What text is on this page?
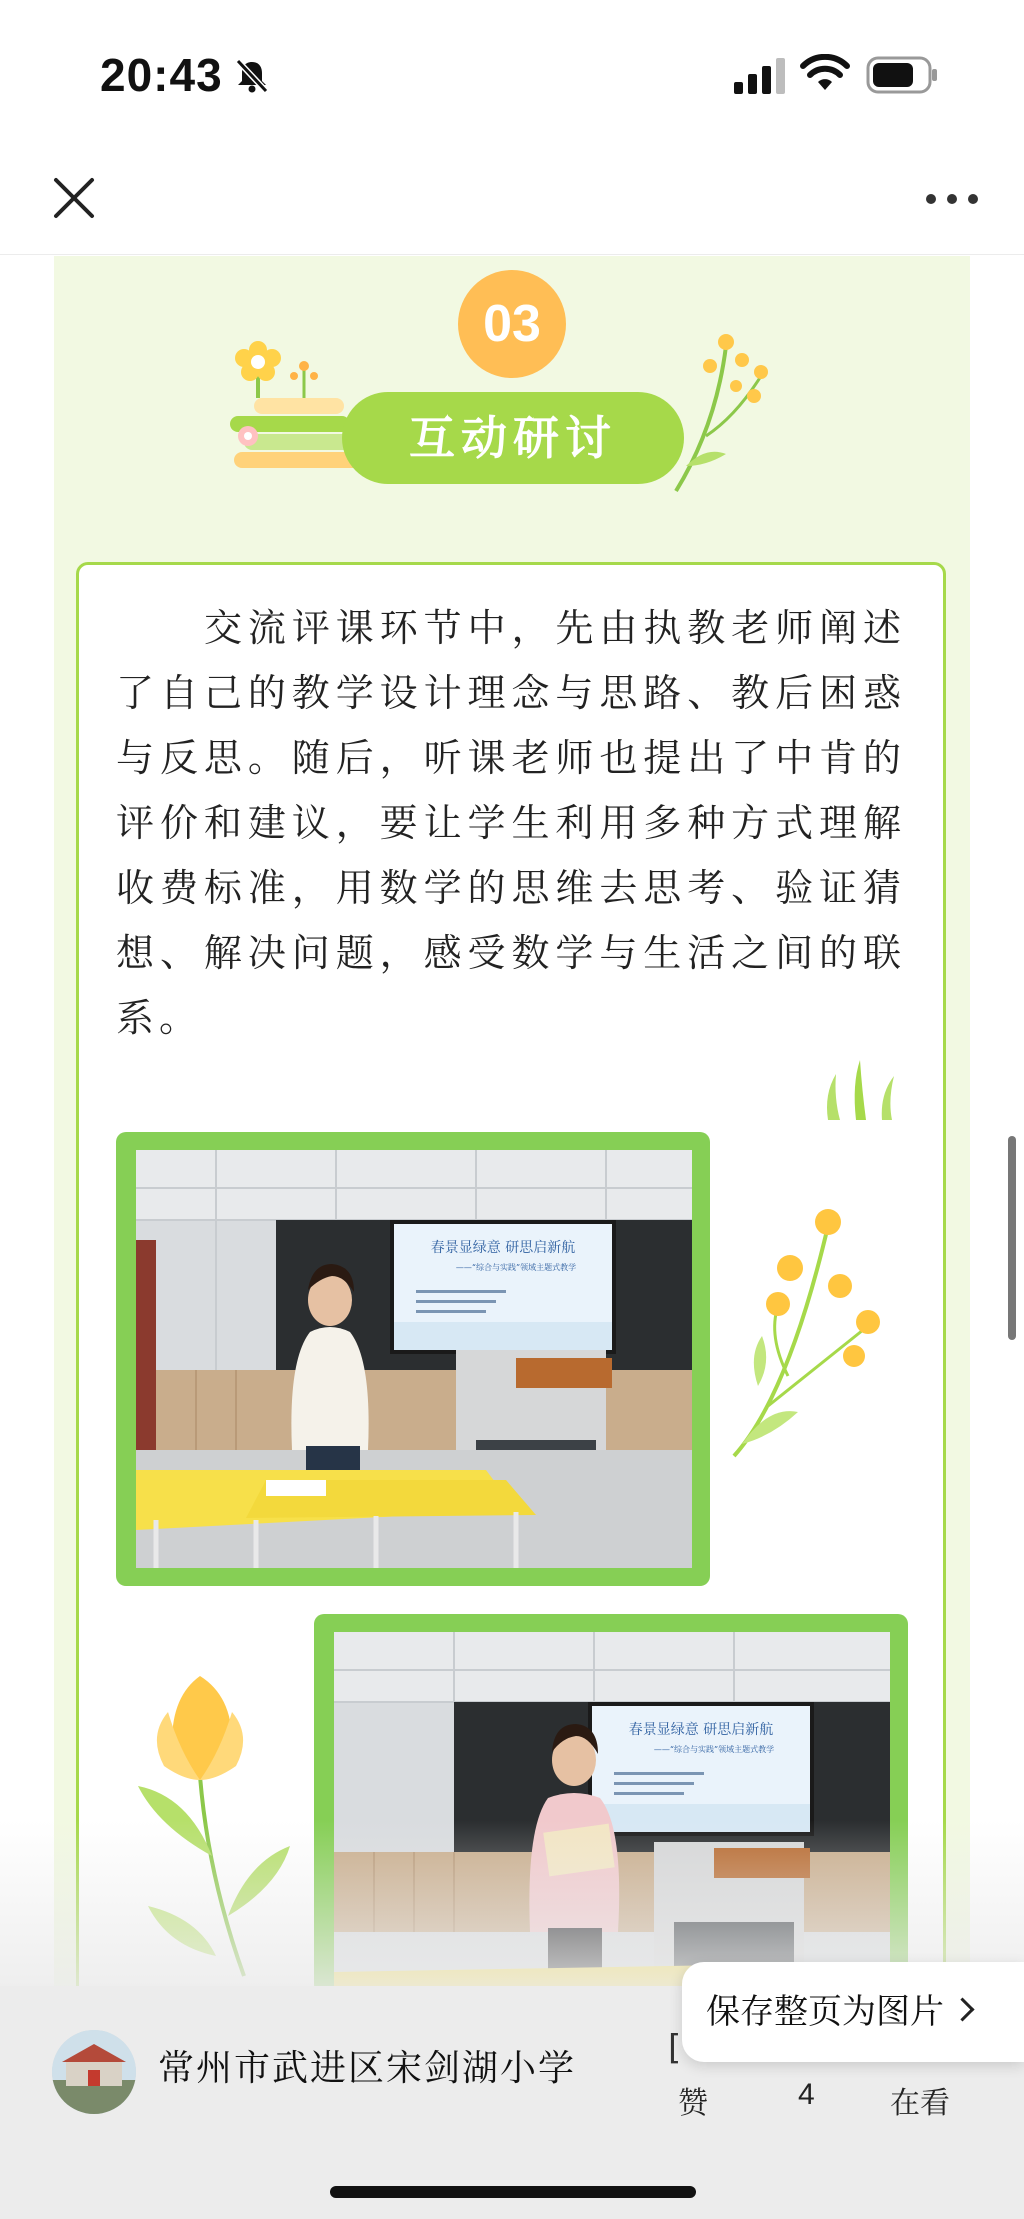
20:43
03
互动研讨

交流评课环节中，先由执教老师阐述了自己的教学设计理念与思路、教后困惑与反思。随后，听课老师也提出了中肯的评价和建议，要让学生利用多种方式理解收费标准，用数学的思维去思考、验证猜想、解决问题，感受数学与生活之间的联系。

春景显绿意 研思启新航
——“综合与实践”领域主题式教学
春景显绿意 研思启新航
——“综合与实践”领域主题式教学
常州市武进区宋剑湖小学	[
赞	4	在看
保存整页为图片
